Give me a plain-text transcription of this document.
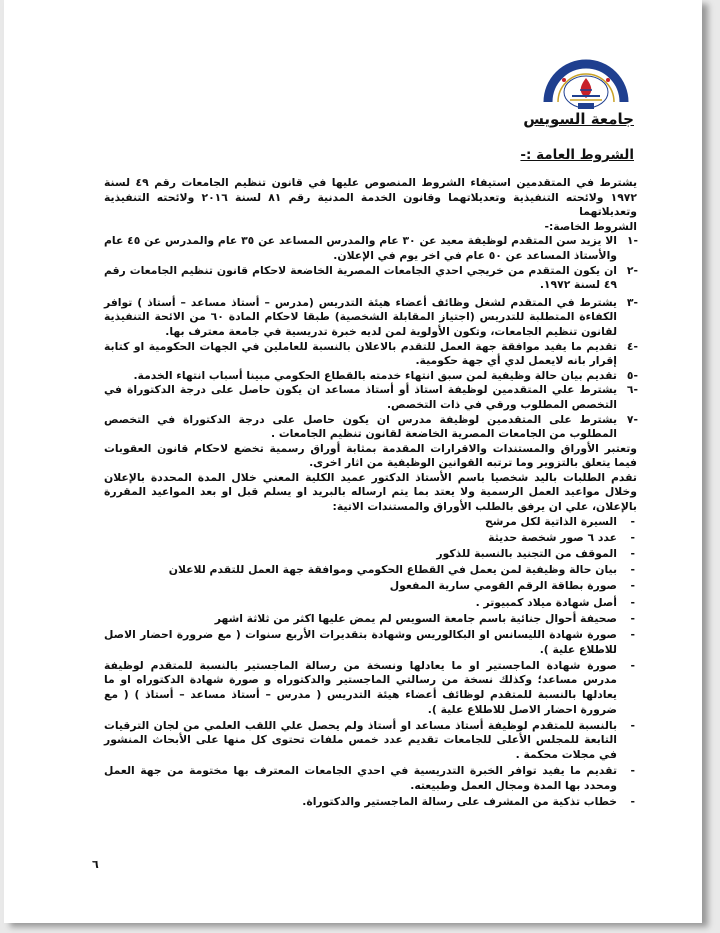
جامعة السويس
الشروط العامة :-

يشترط في المتقدمين استيفاء الشروط المنصوص عليها في قانون تنظيم الجامعات رقم ٤٩ لسنة ١٩٧٢ ولائحته التنفيذية وتعديلاتهما وقانون الخدمة المدنية رقم ٨١ لسنة ٢٠١٦ ولائحته التنفيذية وتعديلاتهما

الشروط الخاصة:-

-١
الا يزيد سن المتقدم لوظيفة معيد عن ٣٠ عام والمدرس المساعد عن ٣٥ عام والمدرس عن ٤٥ عام والأستاذ المساعد عن ٥٠ عام في اخر يوم في الإعلان.
-٢
ان يكون المتقدم من خريجي احدي الجامعات المصرية الخاضعة لاحكام قانون تنظيم الجامعات رقم ٤٩ لسنة ١٩٧٢.
-٣
يشترط في المتقدم لشغل وظائف أعضاء هيئة التدريس (مدرس – أستاذ مساعد – أستاذ ) توافر الكفاءة المتطلبة للتدريس (اجتياز المقابلة الشخصية) طبقا لاحكام المادة ٦٠ من الائحة التنفيذية لقانون تنظيم الجامعات، وتكون الأولوية لمن لديه خبرة تدريسية في جامعة معترف بها.
-٤
تقديم ما يفيد موافقة جهة العمل للتقدم بالاعلان بالنسبة للعاملين في الجهات الحكومية او كتابة إقرار بانه لايعمل لدي أي جهة حكومية.
-٥
تقديم بيان حالة وظيفية لمن سبق انتهاء خدمته بالقطاع الحكومي مبينا أسباب انتهاء الخدمة.
-٦
يشترط علي المتقدمين لوظيفة استاذ أو أستاذ مساعد ان يكون حاصل على درجة الدكتوراة في التخصص المطلوب ورقي في ذات التخصص.
-٧
يشترط على المتقدمين لوظيفة مدرس ان يكون حاصل على درجة الدكتوراة في التخصص المطلوب من الجامعات المصرية الخاضعة لقانون تنظيم الجامعات .

وتعتبر الأوراق والمستندات والاقرارات المقدمة بمثابة أوراق رسمية تخضع لاحكام قانون العقوبات فيما يتعلق بالتزوير وما ترتبه القوانين الوظيفية من اثار اخرى.

تقدم الطلبات باليد شخصيا باسم الأستاذ الدكتور عميد الكلية المعني خلال المدة المحددة بالإعلان وخلال مواعيد العمل الرسمية ولا يعتد بما يتم ارساله بالبريد او يسلم قبل او بعد المواعيد المقررة بالإعلان، علي ان يرفق بالطلب الأوراق والمستندات الاتية:

- السيرة الذاتية لكل مرشح
- عدد ٦ صور شخصة حديثة
- الموقف من التجنيد بالنسبة للذكور
- بيان حالة وظيفية لمن يعمل في القطاع الحكومي وموافقة جهة العمل للتقدم للاعلان
- صورة بطاقة الرقم القومي سارية المفعول
- أصل شهادة ميلاد كمبيوتر .
- صحيفة أحوال جنائية باسم جامعة السويس لم يمض عليها اكثر من ثلاثة اشهر
- صورة شهادة الليسانس او البكالوريس وشهادة بتقديرات الأربع سنوات ( مع ضرورة احضار الاصل للاطلاع علية ).
- صورة شهادة الماجستير او ما يعادلها ونسخة من رسالة الماجستير بالنسبة للمتقدم لوظيفة مدرس مساعد؛ وكذلك نسخة من رسالتي الماجستير والدكتوراه و صورة شهادة الدكتوراه او ما يعادلها بالنسبة للمتقدم لوظائف أعضاء هيئة التدريس ( مدرس – أستاذ مساعد – أستاذ ) ( مع ضرورة احضار الاصل للاطلاع علية ).
- بالنسبة للمتقدم لوظيفة أستاذ مساعد او أستاذ ولم يحصل علي اللقب العلمي من لجان الترقيات التابعة للمجلس الأعلى للجامعات تقديم عدد خمس ملفات تحتوى كل منها على الأبحاث المنشور في مجلات محكمة .
- تقديم ما يفيد توافر الخبرة التدريسية في احدي الجامعات المعترف بها مختومة من جهة العمل ومحدد بها المدة ومجال العمل وطبيعته.
- خطاب تذكية من المشرف على رسالة الماجستير والدكتوراة.
٦
